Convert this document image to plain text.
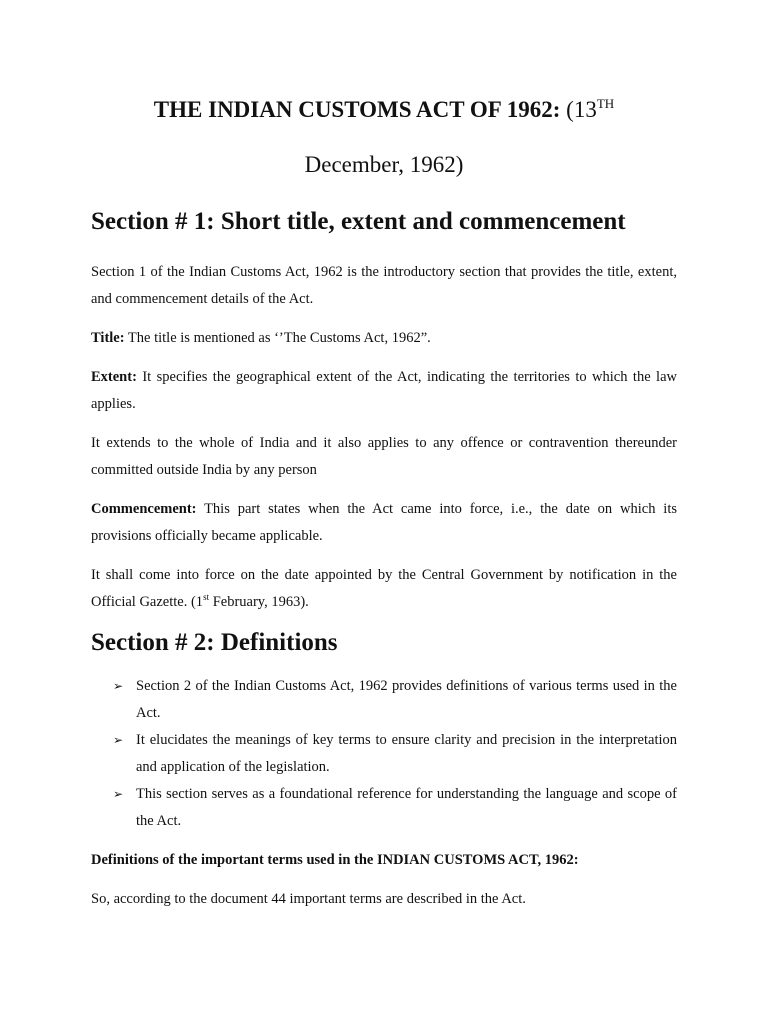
THE INDIAN CUSTOMS ACT OF 1962: (13TH
December, 1962)
Section # 1: Short title, extent and commencement

Section 1 of the Indian Customs Act, 1962 is the introductory section that provides the title, extent, and commencement details of the Act.

Title: The title is mentioned as ‘’The Customs Act, 1962”.

Extent: It specifies the geographical extent of the Act, indicating the territories to which the law applies.

It extends to the whole of India and it also applies to any offence or contravention thereunder committed outside India by any person

Commencement: This part states when the Act came into force, i.e., the date on which its provisions officially became applicable.

It shall come into force on the date appointed by the Central Government by notification in the Official Gazette. (1st February, 1963).

Section # 2: Definitions
➢ Section 2 of the Indian Customs Act, 1962 provides definitions of various terms used in the Act.
➢ It elucidates the meanings of key terms to ensure clarity and precision in the interpretation and application of the legislation.
➢ This section serves as a foundational reference for understanding the language and scope of the Act.

Definitions of the important terms used in the INDIAN CUSTOMS ACT, 1962:

So, according to the document 44 important terms are described in the Act.
